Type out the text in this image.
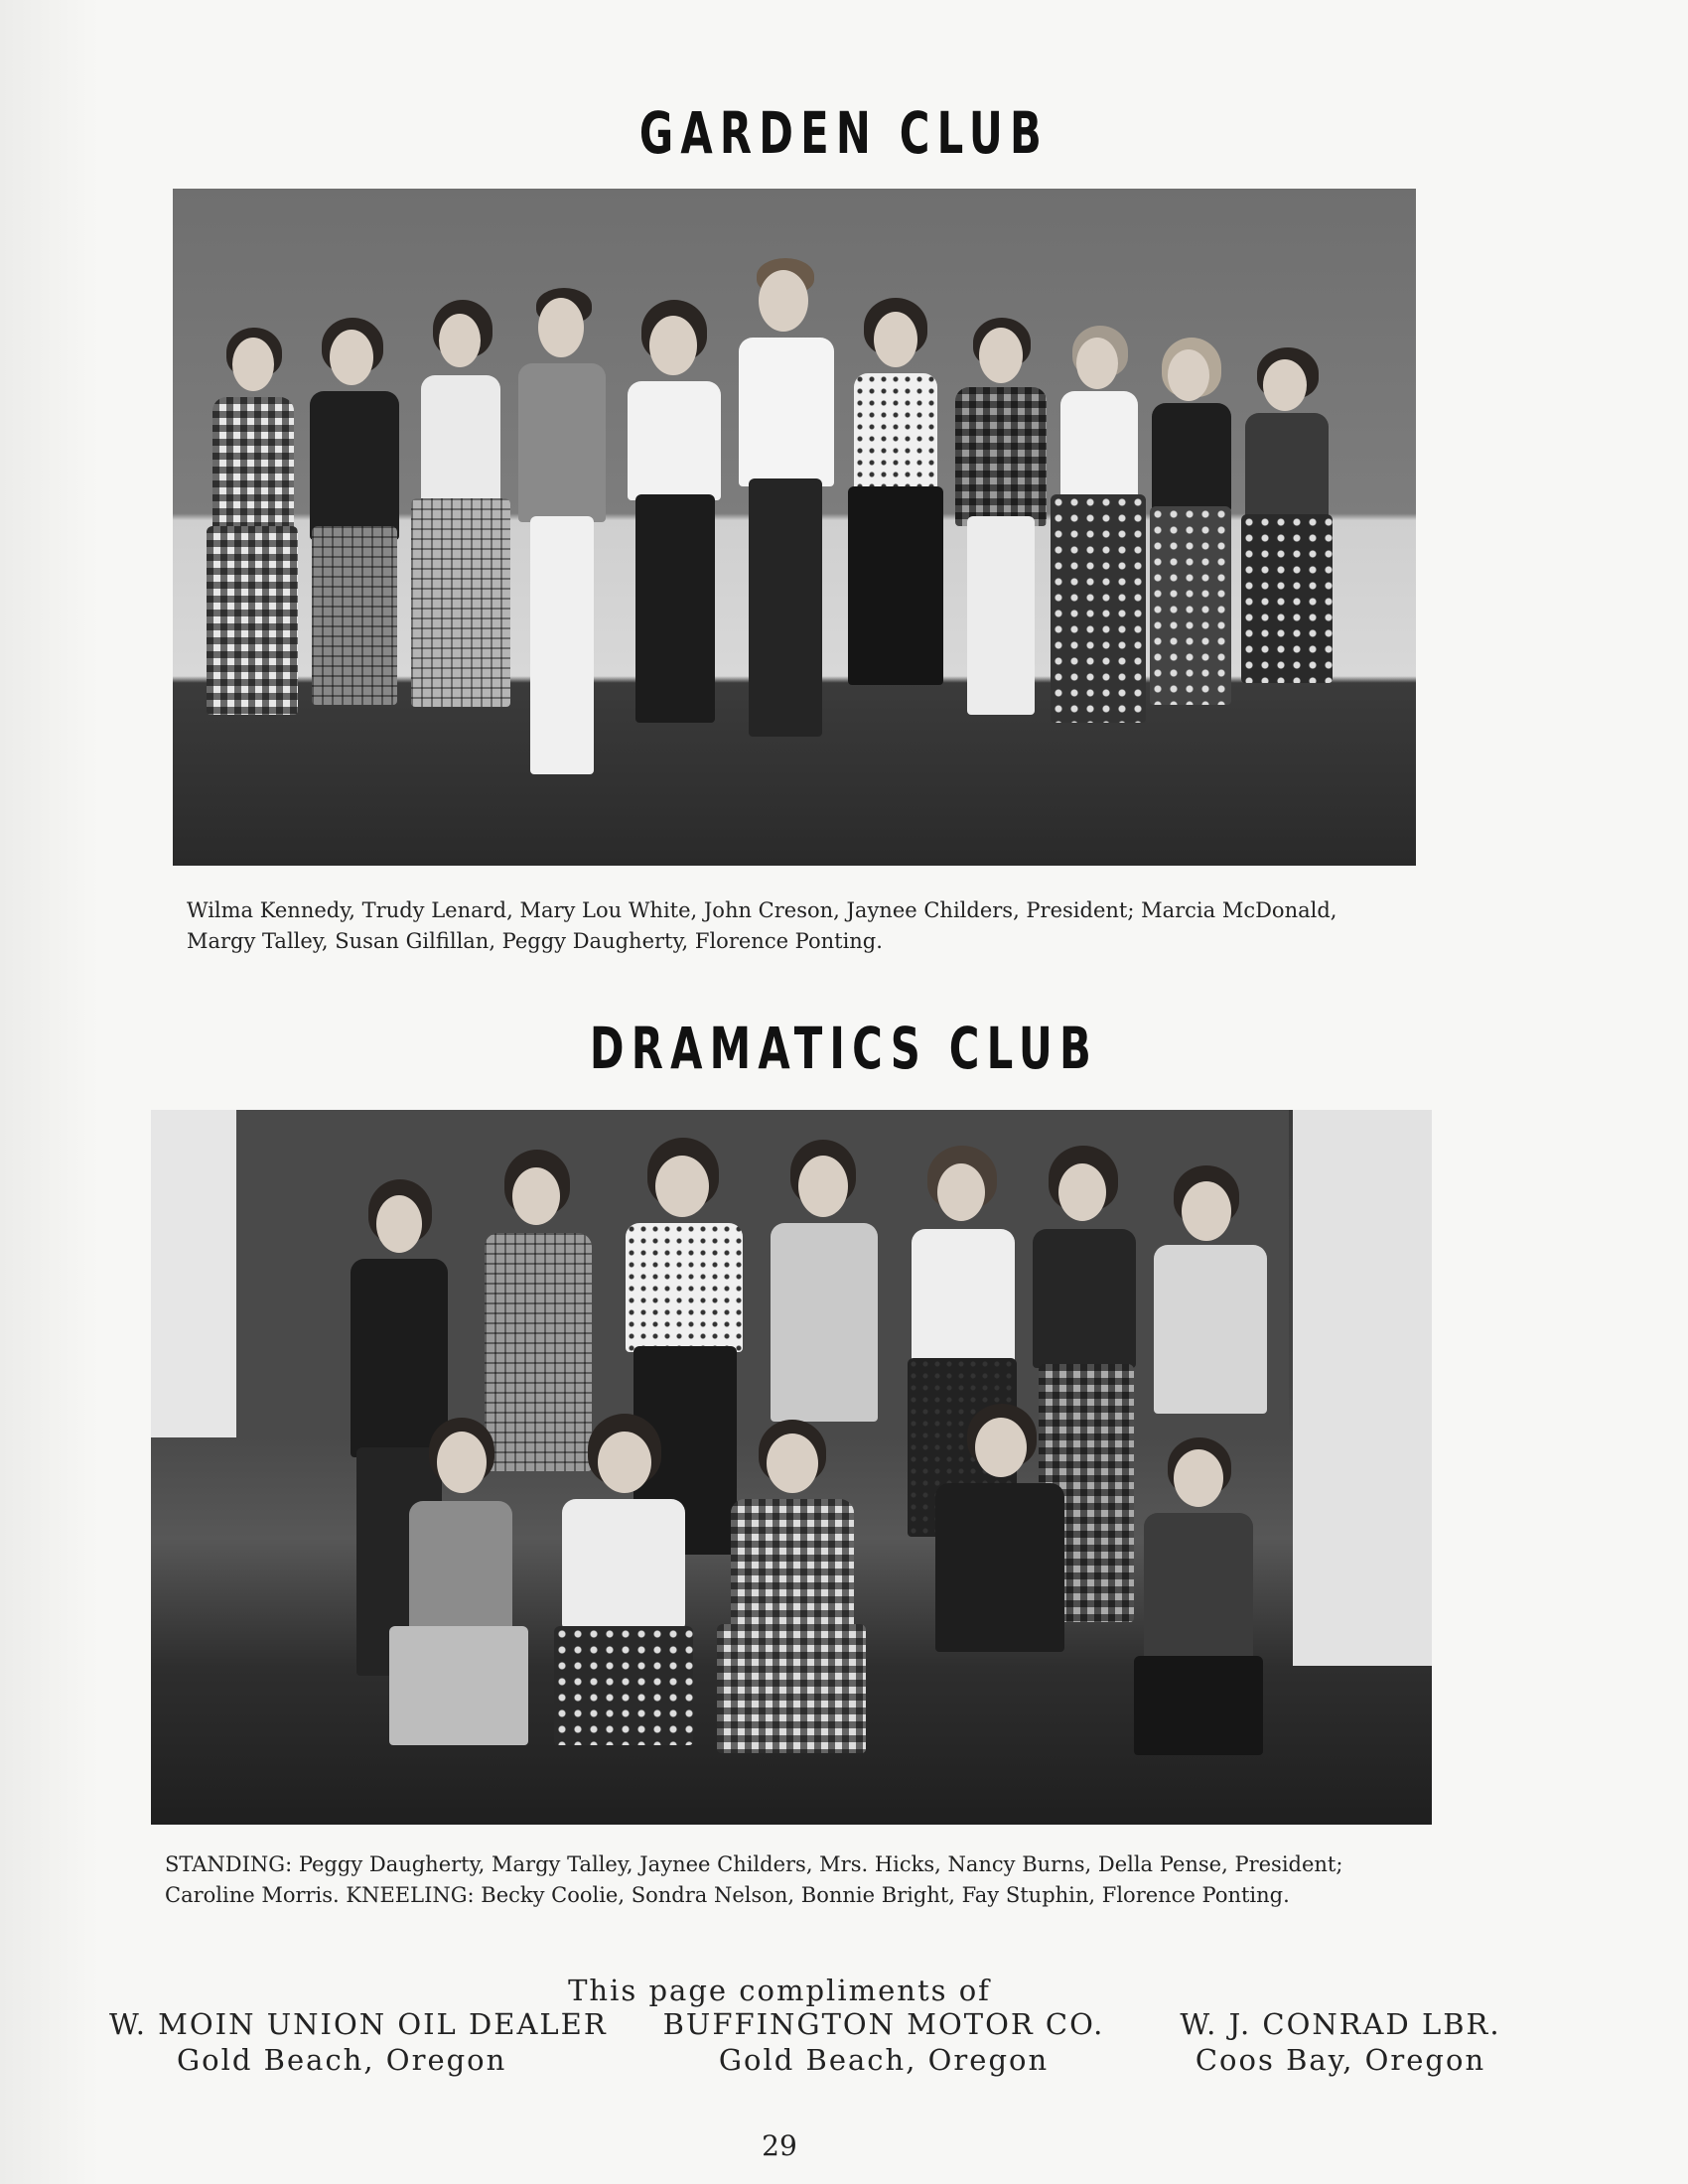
GARDEN CLUB
Wilma Kennedy, Trudy Lenard, Mary Lou White, John Creson, Jaynee Childers, President; Marcia McDonald,
Margy Talley, Susan Gilfillan, Peggy Daugherty, Florence Ponting.
DRAMATICS CLUB
STANDING: Peggy Daugherty, Margy Talley, Jaynee Childers, Mrs. Hicks, Nancy Burns, Della Pense, President;
Caroline Morris. KNEELING: Becky Coolie, Sondra Nelson, Bonnie Bright, Fay Stuphin, Florence Ponting.
This page compliments of
W. MOIN UNION OIL DEALER
Gold Beach, Oregon
BUFFINGTON MOTOR CO.
Gold Beach, Oregon
W. J. CONRAD LBR.
Coos Bay, Oregon
29
